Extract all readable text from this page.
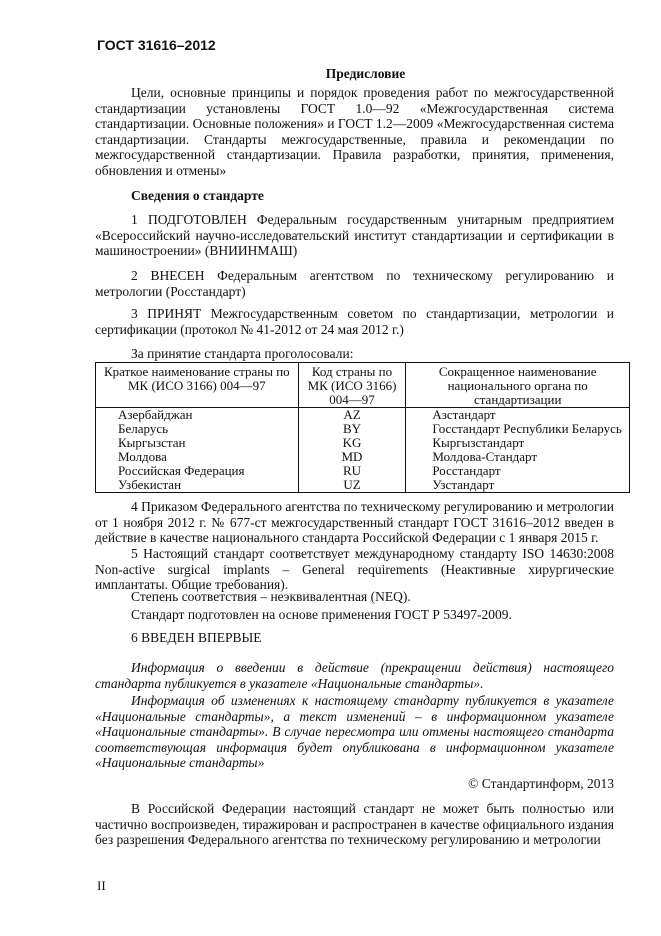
ГОСТ 31616–2012
Предисловие
Цели, основные принципы и порядок проведения работ по межгосударственной стандартизации установлены ГОСТ 1.0—92 «Межгосударственная система стандартизации. Основные положения» и ГОСТ 1.2—2009 «Межгосударственная система стандартизации. Стандарты межгосударственные, правила и рекомендации по межгосударственной стандартизации. Правила разработки, принятия, применения, обновления и отмены»
Сведения о стандарте
1 ПОДГОТОВЛЕН Федеральным государственным унитарным предприятием «Всероссийский научно-исследовательский институт стандартизации и сертификации в машиностроении» (ВНИИНМАШ)
2 ВНЕСЕН Федеральным агентством по техническому регулированию и метрологии (Росстандарт)
3 ПРИНЯТ Межгосударственным советом по стандартизации, метрологии и сертификации (протокол № 41-2012 от 24 мая 2012 г.)
За принятие стандарта проголосовали:
Краткое наименование страны по МК (ИСО 3166) 004—97	Код страны по МК (ИСО 3166) 004—97	Сокращенное наименование национального органа по стандартизации
Азербайджан	AZ	Азстандарт
Беларусь	BY	Госстандарт Республики Беларусь
Кыргызстан	KG	Кыргызстандарт
Молдова	MD	Молдова-Стандарт
Российская Федерация	RU	Росстандарт
Узбекистан	UZ	Узстандарт
4 Приказом Федерального агентства по техническому регулированию и метрологии от 1 ноября 2012 г. № 677-ст межгосударственный стандарт ГОСТ 31616–2012 введен в действие в качестве национального стандарта Российской Федерации с 1 января 2015 г.
5 Настоящий стандарт соответствует международному стандарту ISO 14630:2008 Non-active surgical implants – General requirements (Неактивные хирургические имплантаты. Общие требования).
Степень соответствия – неэквивалентная (NEQ).
Стандарт подготовлен на основе применения ГОСТ Р 53497-2009.
6 ВВЕДЕН ВПЕРВЫЕ
Информация о введении в действие (прекращении действия) настоящего стандарта публикуется в указателе «Национальные стандарты».
Информация об изменениях к настоящему стандарту публикуется в указателе «Национальные стандарты», а текст изменений – в информационном указателе «Национальные стандарты». В случае пересмотра или отмены настоящего стандарта соответствующая информация будет опубликована в информационном указателе «Национальные стандарты»
© Стандартинформ, 2013
В Российской Федерации настоящий стандарт не может быть полностью или частично воспроизведен, тиражирован и распространен в качестве официального издания без разрешения Федерального агентства по техническому регулированию и метрологии
II
